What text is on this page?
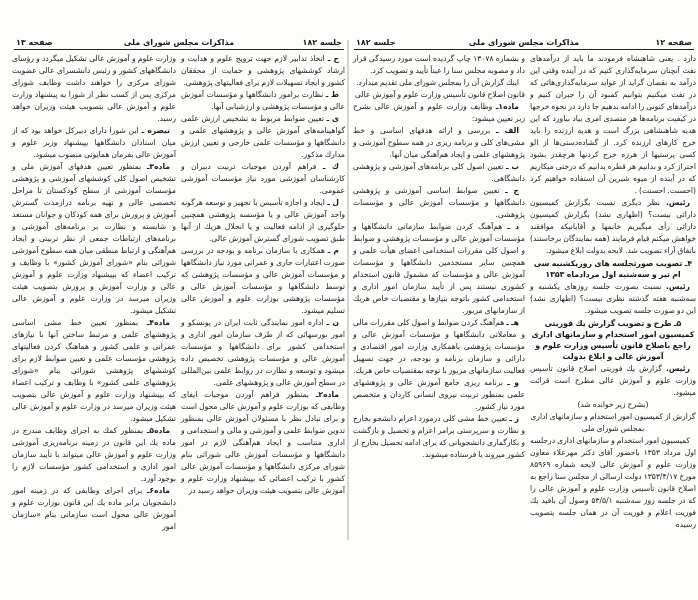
جلسه ۱۸۲
مذاکرات مجلس شورای ملی
صفحه ۱۳

وزارت علوم و آموزش عالی تشكيل ميگردد و رؤسای دانشگاههای كشور و رئيس دانشسرای عالی عضويت شورای مركزی را خواهند داشت وظايف شورای مركزی پس از كسب نظر از شورا به پيشنهاد وزارت علوم و آموزش عالی بتصويب هيئت وزيران خواهد رسيد.

تبصره ـ اين شورا دارای دبيركل خواهد بود كه از ميان استادان دانشگاهها بپيشنهاد وزير علوم و آموزش عالی بفرمان همايونی منصوب ميشود.

ماده۳ـ بمنظور تعيين هدفهای آموزش ملی و تشخيص اصول كلی كوششهای آموزشی و پژوهشی مؤسسات آموزشی از سطح كودكستان تا مراحل تخصصی عالی و تهيه برنامه درازمدت گسترش آموزش و پرورش برای همه كودكان و جوانان مستعد و شايسته و نظارت بر برنامه‌های آموزشی و برنامه‌های ارتباطات جمعی از نظر تربيتی و ايجاد هم‌آهنگی و ارتباط منطقی ميان همه سطوح آموزشی شورائی بنام «شورای آموزش كشور» با وظايف و تركيب اعضاء كه بپيشنهاد وزارت علوم و آموزش عالی و وزارت آموزش و پرورش بتصويب هيئت وزيران ميرسد در وزارت علوم و آموزش عالی تشكيل ميشود.

ماده۴ـ بمنظور تعيين خط مشی اساسی پژوهشهای علمی و مرتبط ساختن آنها با نيازهای عمرانی و علمی كشور و هماهنگ كردن فعاليتهای پژوهشی مؤسسات علمی و تعيين ضوابط لازم برای كوششهای پژوهشی شورائی بنام «شورای پژوهشهای علمی كشور» با وظايف و تركيب اعضاء كه بپيشنهاد وزارت علوم و آموزش عالی بتصويب هيئت وزيران ميرسد در وزارت علوم و آموزش عالی تشكيل ميشود.

ماده۵ـ بمنظور كمك به اجرای وظايف مندرج در ماده يك اين قانون در زمينه برنامه‌ريزی آموزشی وزارت علوم و آموزش عالی ميتواند با تأييد سازمان امور اداری و استخدامی كشور مؤسسات لازم را بوجود آورد.

ماده۶ـ برای اجرای وظايفی كه در زمينه امور دانشجويان برابر ماده يك اين قانون بوزارت علوم و آموزش عالی محول است سازمانی بنام «سازمان امور

ح ـ اتخاذ تدابير لازم جهت ترويج علوم و هدايت و ارشاد كوششهای پژوهشی و حمايت از محققان كشور و ايجاد تسهيلات لازم برای فعاليتهای پژوهشی.

ط ـ نظارت برامور دانشگاهها و مؤسسات آموزش عالی و مؤسسات پژوهشی و ارزشيابی آنها.

ی ـ تعيين ضوابط مربوط به تشخيص ارزش علمی گواهينامه‌های آموزش عالی و پژوهشهای علمی و دانشگاهها و مؤسسات علمی خارجی و تعيين ارزش مدارك مذكور.

ك ـ فراهم آوردن موجبات تربيت دبيران و كارشناسان آموزشی مورد نياز مؤسسات آموزشی عمومی.

ل ـ ايجاد و اجازه تأسيس يا تجهيز و توسعه هرگونه واحد آموزش عالی و يا مؤسسه پژوهشی همچنين جلوگيری از ادامه فعاليت و يا انحلال هريك از آنها طبق تصويب شورای گسترش آموزش عالی.

م ـ همكاری با سازمان برنامه و بودجه در بررسی صورت اعتبارات جاری و عمرانی مورد نياز دانشگاهها و مؤسسات آموزش عالی و مؤسسات پژوهشی كه توسط دانشگاهها و مؤسسات آموزش عالی و مؤسسات پژوهشی بوزارت علوم و آموزش عالی تسليم ميشود.

ن ـ اداره امور نمايندگی ثابت ايران در يونسكو و امور بورسهائی كه از طرف سازمان امور اداری و استخدامی كشور برای دانشگاهها و مؤسسات آموزش عالی و مؤسسات پژوهشی تخصيص داده ميشود و توسعه و نظارت در روابط علمی بين‌المللی در سطح آموزش عالی و پژوهشهای علمی.

ماده۲ـ بمنظور فراهم آوردن موجبات ايفای وظايفی كه بوزارت علوم و آموزش عالی محول است و برای تبادل نظر با مسئولان آموزش عالی بمنظور تدوين ضوابط علمی و آموزشی و مالی و استخدامی و اداری متناسب و ايجاد هم‌آهنگی لازم در امور دانشگاهها و مؤسسات آموزش عالی شورائی بنام شورای مركزی دانشگاهها و مؤسسات آموزش عالی كشور با تركيب اعضائی كه بپيشنهاد وزارت علوم و آموزش عالی بتصويب هيئت وزيران خواهد رسيد در

صفحه ۱۲
مذاکرات مجلس شورای ملی
جلسه ۱۸۲

و بشماره ۱۳۰۷۸ چاپ گرديده است مورد رسيدگی قرار داد و مصوبه مجلس سنا را عيناً تأييد و تصويب كرد.

اينك گزارش آن را بمجلس شورای ملی تقديم ميدارد.

قانون اصلاح قانون تأسيس وزارت علوم و آموزش عالی

ماده۱ـ وظايف وزارت علوم و آموزش عالی بشرح زير تعيين ميشود:

الف ـ بررسی و ارائه هدفهای اساسی و خط مشی‌های كلی و برنامه ريزی در همه سطوح آموزشی و پژوهشهای علمی و ايجاد هم‌آهنگی ميان آنها.

ب ـ تعيين اصول كلی برنامه‌های آموزشی و پژوهشی دانشگاهی.

ج ـ تعيين ضوابط اساسی آموزشی و پژوهشی دانشگاهها و مؤسسات آموزش عالی و مؤسسات پژوهشی.

د ـ هم‌آهنگ كردن ضوابط سازمانی دانشگاهها و مؤسسات آموزش عالی و مؤسسات پژوهشی و ضوابط و اصول كلی مقررات استخدامی اعضای هيأت علمی و همچنين ساير مستخدمين دانشگاهها و مؤسسات آموزش عالی و مؤسسات كه مشمول قانون استخدام كشوری نيستند پس از تأييد سازمان امور اداری و استخدامی كشور باتوجه بنيازها و مقتضيات خاص هريك از سازمانهای مزبور.

هـ ـ هم‌آهنگ كردن ضوابط و اصول كلی مقررات مالی و معاملاتی دانشگاهها و مؤسسات آموزش عالی و مؤسسات پژوهشی باهمكاری وزارت امور اقتصادی و دارائی و سازمان برنامه و بودجه، در جهت تسهيل فعاليت سازمانهای مزبور با توجه بمقتضيات خاص هريك.

و ـ برنامه ريزی جامع آموزش عالی و پژوهشهای علمی بمنظور تربيت نيروی انسانی كاردان و متخصص مورد نياز كشور.

ز ـ تعيين خط مشی كلی درمورد اعزام دانشجو بخارج و نظارت و سرپرستی برامر اعزام و تحصيل و بازگشت و بكارگماری دانشجويانی كه برای ادامه تحصيل بخارج از كشور ميروند يا فرستاده ميشوند.

دارد . يعنی شاهنشاه فرمودند ما بايد از درآمدهای نفت آنچنان سرمايه‌گذاری كنيم كه در آينده وقتی اين درآمد به نقصان گرايد از عوايد سرمايه‌گذاری‌هائی كه در نفت ميكنيم بتوانيم كمبود آن را جبران كنيم و درآمدهای كنونی را ادامه بدهيم جا دارد در نحوه خرجها در كيفيت برنامه‌ها هر متصدی امری بياد بياورد كه اين هديه شاهنشاهی بزرگ است و هديه ارزنده را بايد خرج كارهای ارزنده كرد. از گشاده‌دستی‌ها از الو كسی پرستيها از هرزه خرج كردنها هرچقدر بشود احتراز كرد و بدانيم هر قطره بدانيم كه درختی ميكاريم كه در آينده از ميوه شيرين آن استفاده خواهيم كرد (احسنت. احسنت) .

رئيس. نظر ديگری نسبت بگزارش كميسيون دارائی نيست؟ (اظهاری نشد) بگزارش كميسيون دارائی رأی ميگيريم خانمها و آقايانيكه موافقند خواهش ميكنم قيام فرمايند (همه نمايندگان برخاستند) باتفاق آراء تصويب شد. لايحه بدولت ابلاغ ميشود.

۴ـ تصويب صورتجلسه های روزيكشنبه سی ام تير و سه‌شنبه اول مردادماه ۱۳۵۳

رئيس. نسبت بصورت جلسه روزهای يكشنبه و سه‌شنبه هفته گذشته نظری نيست؟ (اظهاری نشد) اين دو صورت جلسه تصويب ميشود.

۵ـ طرح و تصويب گزارش يك فوريتی كميسيون امور استخدام و سازمانهای اداری راجع باصلاح قانون تأسيس وزارت علوم و آموزش عالی و ابلاغ بدولت

رئيس. گزارش يك فوريتی اصلاح قانون تأسيس وزارت علوم و آموزش عالی مطرح است قرائت ميشود.

(بشرح زير خوانده شد)

گزارش از كميسيون امور استخدام و سازمانهای اداری بمجلس شورای ملی

كميسيون امور استخدام و سازمانهای اداری درجلسه اول مرداد ۱۳۵۳ باحضور آقای دكتر مهرعلاء معاون وزارت علوم و آموزش عالی لايحه شماره ۸۵۹۶۹ مورخ ۱۳۵۳/۴/۱۷ دولت ارسالی از مجلس سنا راجع به اصلاح قانون تأسيس وزارت علوم و آموزش عالی را كه در جلسه روز سه‌شنبه ۵۳/۵/۱ وصول آن باقيد يك فوريت اعلام و فوريت آن در همان جلسه بتصويب رسيده
